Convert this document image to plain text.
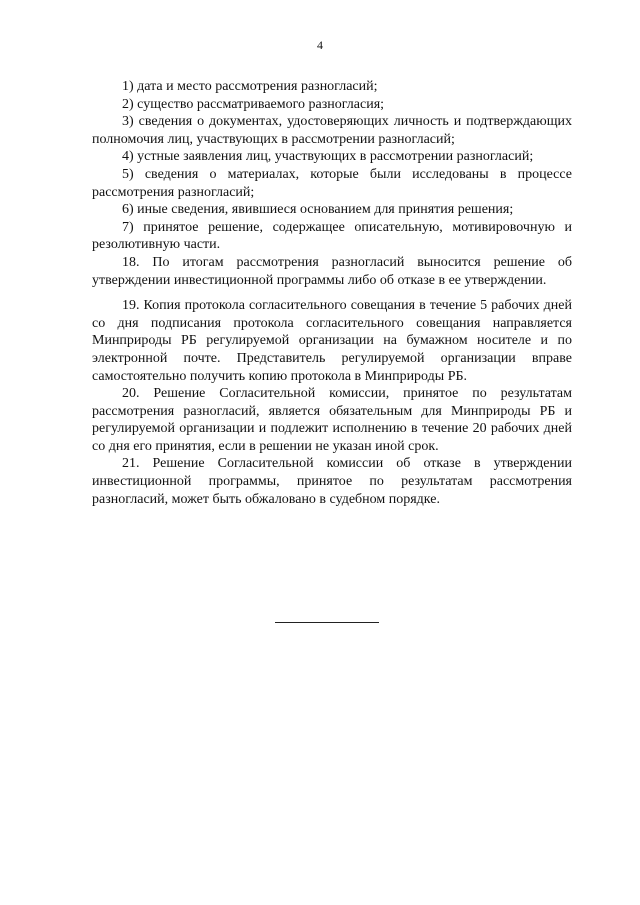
4

1) дата и место рассмотрения разногласий;

2) существо рассматриваемого разногласия;

3) сведения о документах, удостоверяющих личность и подтверждающих полномочия лиц, участвующих в рассмотрении разногласий;

4) устные заявления лиц, участвующих в рассмотрении разногласий;

5) сведения о материалах, которые были исследованы в процессе рассмотрения разногласий;

6) иные сведения, явившиеся основанием для принятия решения;

7) принятое решение, содержащее описательную, мотивировочную и резолютивную части.

18. По итогам рассмотрения разногласий выносится решение об утверждении инвестиционной программы либо об отказе в ее утверждении.

19. Копия протокола согласительного совещания в течение 5 рабочих дней со дня подписания протокола согласительного совещания направляется Минприроды РБ регулируемой организации на бумажном носителе и по электронной почте. Представитель регулируемой организации вправе самостоятельно получить копию протокола в Минприроды РБ.

20. Решение Согласительной комиссии, принятое по результатам рассмотрения разногласий, является обязательным для Минприроды РБ и регулируемой организации и подлежит исполнению в течение 20 рабочих дней со дня его принятия, если в решении не указан иной срок.

21. Решение Согласительной комиссии об отказе в утверждении инвестиционной программы, принятое по результатам рассмотрения разногласий, может быть обжаловано в судебном порядке.
